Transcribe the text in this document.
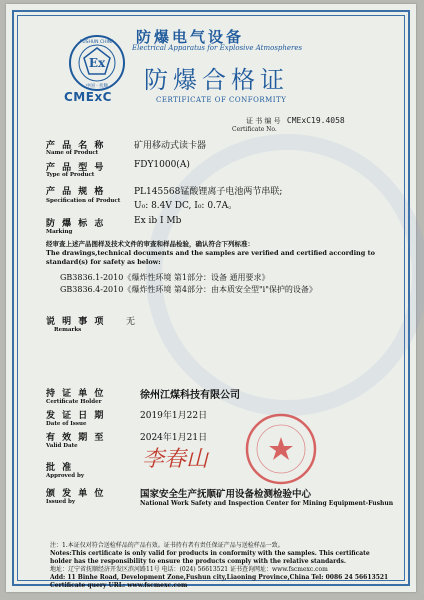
Ex
FUSHUN CHINA
中国 · 抚顺
CMExC
防爆电气设备
Electrical Apparatus for Explosive Atmospheres
防爆合格证
CERTIFICATE OF CONFORMITY
证 书 编 号 CMExC19.4058
Certificate No.
产 品 名 称
Name of Product
矿用移动式读卡器
产 品 型 号
Type of Product
FDY1000(A)
产 品 规 格
Specification of Product
PL145568锰酸锂离子电池两节串联;
U₀: 8.4V DC, I₀: 0.7A。
防 爆 标 志
Marking
Ex ib I Mb
经审查上述产品图样及技术文件的审查和样品检验，确认符合下列标准：
The drawings,technical documents and the samples are verified and certified according to standard(s) for safety as below:
GB3836.1-2010《爆炸性环境 第1部分：设备 通用要求》
GB3836.4-2010《爆炸性环境 第4部分：由本质安全型"i"保护的设备》
说 明 事 项
Remarks
无
持 证 单 位
Certificate Holder
徐州江煤科技有限公司
发 证 日 期
Date of Issue
2019年1月22日
有 效 期 至
Valid Date
2024年1月21日
批 准
Approved by
颁 发 单 位
Issued by
国家安全生产抚顺矿用设备检测检验中心
National Work Safety and Inspection Center for Mining Equipment-Fushun
李春山
注：1.本证仅对符合送检样品的产品有效。证书持有者有责任保证产品与送检样品一致。
Notes:This certificate is only valid for products in conformity with the samples. This certificate
holder has the responsibility to ensure the products comply with the relative standards.
地址：辽宁省抚顺经济开发区滨河路11号 电话：(024) 56613521 证书查询网址：www.fscmexc.com
Add: 11 Binhe Road, Development Zone,Fushun city,Liaoning Province,China Tel: 0086 24 56613521
Certificate query URL: www.fscmexc.com
